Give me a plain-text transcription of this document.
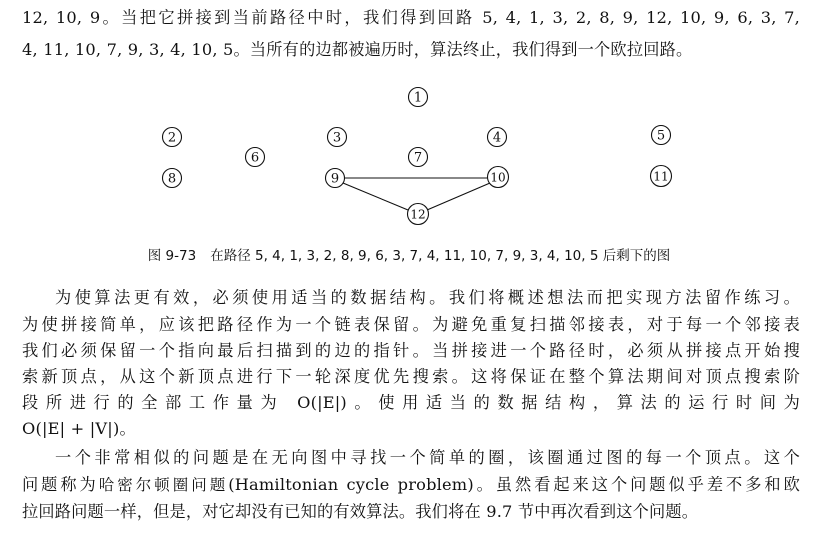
12, 10, 9。当把它拼接到当前路径中时，我们得到回路 5, 4, 1, 3, 2, 8, 9, 12, 10, 9, 6, 3, 7,
4, 11, 10, 7, 9, 3, 4, 10, 5。当所有的边都被遍历时，算法终止，我们得到一个欧拉回路。
1
2	3	4	5
6	7
8	9	10	11
12
图 9-73 在路径 5, 4, 1, 3, 2, 8, 9, 6, 3, 7, 4, 11, 10, 7, 9, 3, 4, 10, 5 后剩下的图
为使算法更有效，必须使用适当的数据结构。我们将概述想法而把实现方法留作练习。
为使拼接简单，应该把路径作为一个链表保留。为避免重复扫描邻接表，对于每一个邻接表
我们必须保留一个指向最后扫描到的边的指针。当拼接进一个路径时，必须从拼接点开始搜
索新顶点，从这个新顶点进行下一轮深度优先搜索。这将保证在整个算法期间对顶点搜索阶
段所进行的全部工作量为 O(|E|)。使用适当的数据结构，算法的运行时间为
O(|E| + |V|)。
一个非常相似的问题是在无向图中寻找一个简单的圈，该圈通过图的每一个顶点。这个
问题称为哈密尔顿圈问题(Hamiltonian cycle problem)。虽然看起来这个问题似乎差不多和欧
拉回路问题一样，但是，对它却没有已知的有效算法。我们将在 9.7 节中再次看到这个问题。
